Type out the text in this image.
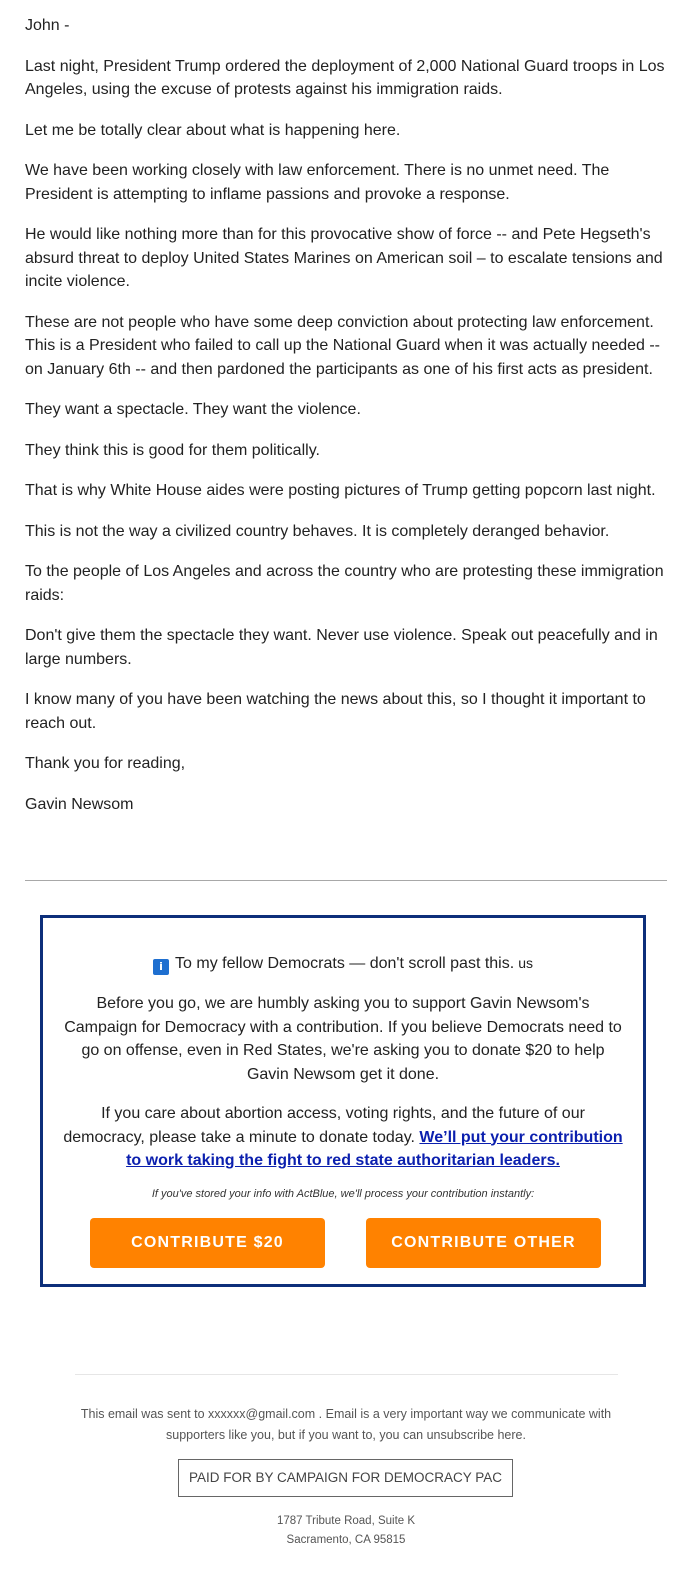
John -

Last night, President Trump ordered the deployment of 2,000 National Guard troops in Los Angeles, using the excuse of protests against his immigration raids.

Let me be totally clear about what is happening here.

We have been working closely with law enforcement. There is no unmet need. The President is attempting to inflame passions and provoke a response.

He would like nothing more than for this provocative show of force -- and Pete Hegseth's absurd threat to deploy United States Marines on American soil – to escalate tensions and incite violence.

These are not people who have some deep conviction about protecting law enforcement. This is a President who failed to call up the National Guard when it was actually needed -- on January 6th -- and then pardoned the participants as one of his first acts as president.

They want a spectacle. They want the violence.

They think this is good for them politically.

That is why White House aides were posting pictures of Trump getting popcorn last night.

This is not the way a civilized country behaves. It is completely deranged behavior.

To the people of Los Angeles and across the country who are protesting these immigration raids:

Don't give them the spectacle they want. Never use violence. Speak out peacefully and in large numbers.

I know many of you have been watching the news about this, so I thought it important to reach out.

Thank you for reading,

Gavin Newsom

i To my fellow Democrats — don't scroll past this. us

Before you go, we are humbly asking you to support Gavin Newsom's Campaign for Democracy with a contribution. If you believe Democrats need to go on offense, even in Red States, we're asking you to donate $20 to help Gavin Newsom get it done.

If you care about abortion access, voting rights, and the future of our democracy, please take a minute to donate today. We’ll put your contribution to work taking the fight to red state authoritarian leaders.

If you've stored your info with ActBlue, we'll process your contribution instantly:
CONTRIBUTE $20	CONTRIBUTE OTHER
This email was sent to xxxxxx@gmail.com . Email is a very important way we communicate with supporters like you, but if you want to, you can unsubscribe here.
PAID FOR BY CAMPAIGN FOR DEMOCRACY PAC
1787 Tribute Road, Suite K
Sacramento, CA 95815
